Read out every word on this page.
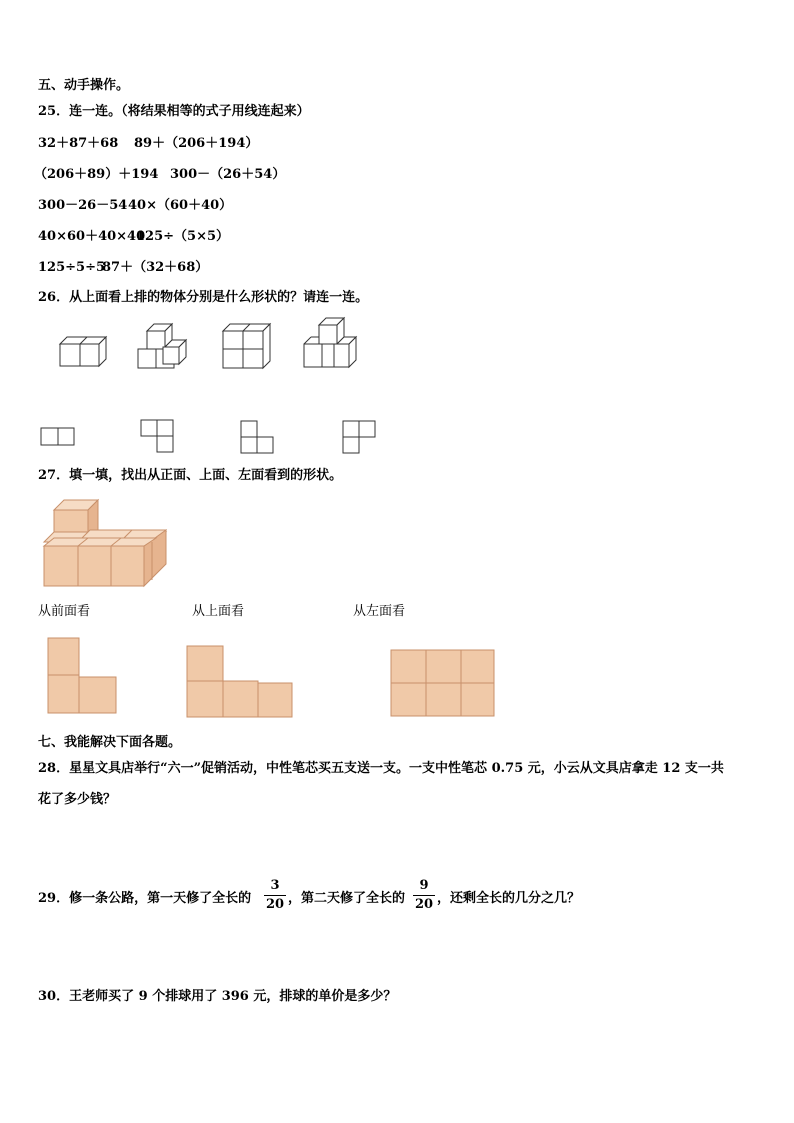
五、动手操作。
25．连一连。（将结果相等的式子用线连起来）
32＋87＋68 89＋（206＋194）
（206＋89）＋194 300－（26＋54）
300－26－54 40×（60＋40）
40×60＋40×40
125÷（5×5）
125÷5÷5
87＋（32＋68）
26．从上面看上排的物体分别是什么形状的？请连一连。
27．填一填，找出从正面、上面、左面看到的形状。
从前面看	从上面看	从左面看
七、我能解决下面各题。
28．星星文具店举行“六一”促销活动，中性笔芯买五支送一支。一支中性笔芯 0.75 元，小云从文具店拿走 12 支一共
花了多少钱？
29．修一条公路，第一天修了全长的
3
20 ，第二天修了全长的
9
20 ，还剩全长的几分之几？
30．王老师买了 9 个排球用了 396 元，排球的单价是多少？
